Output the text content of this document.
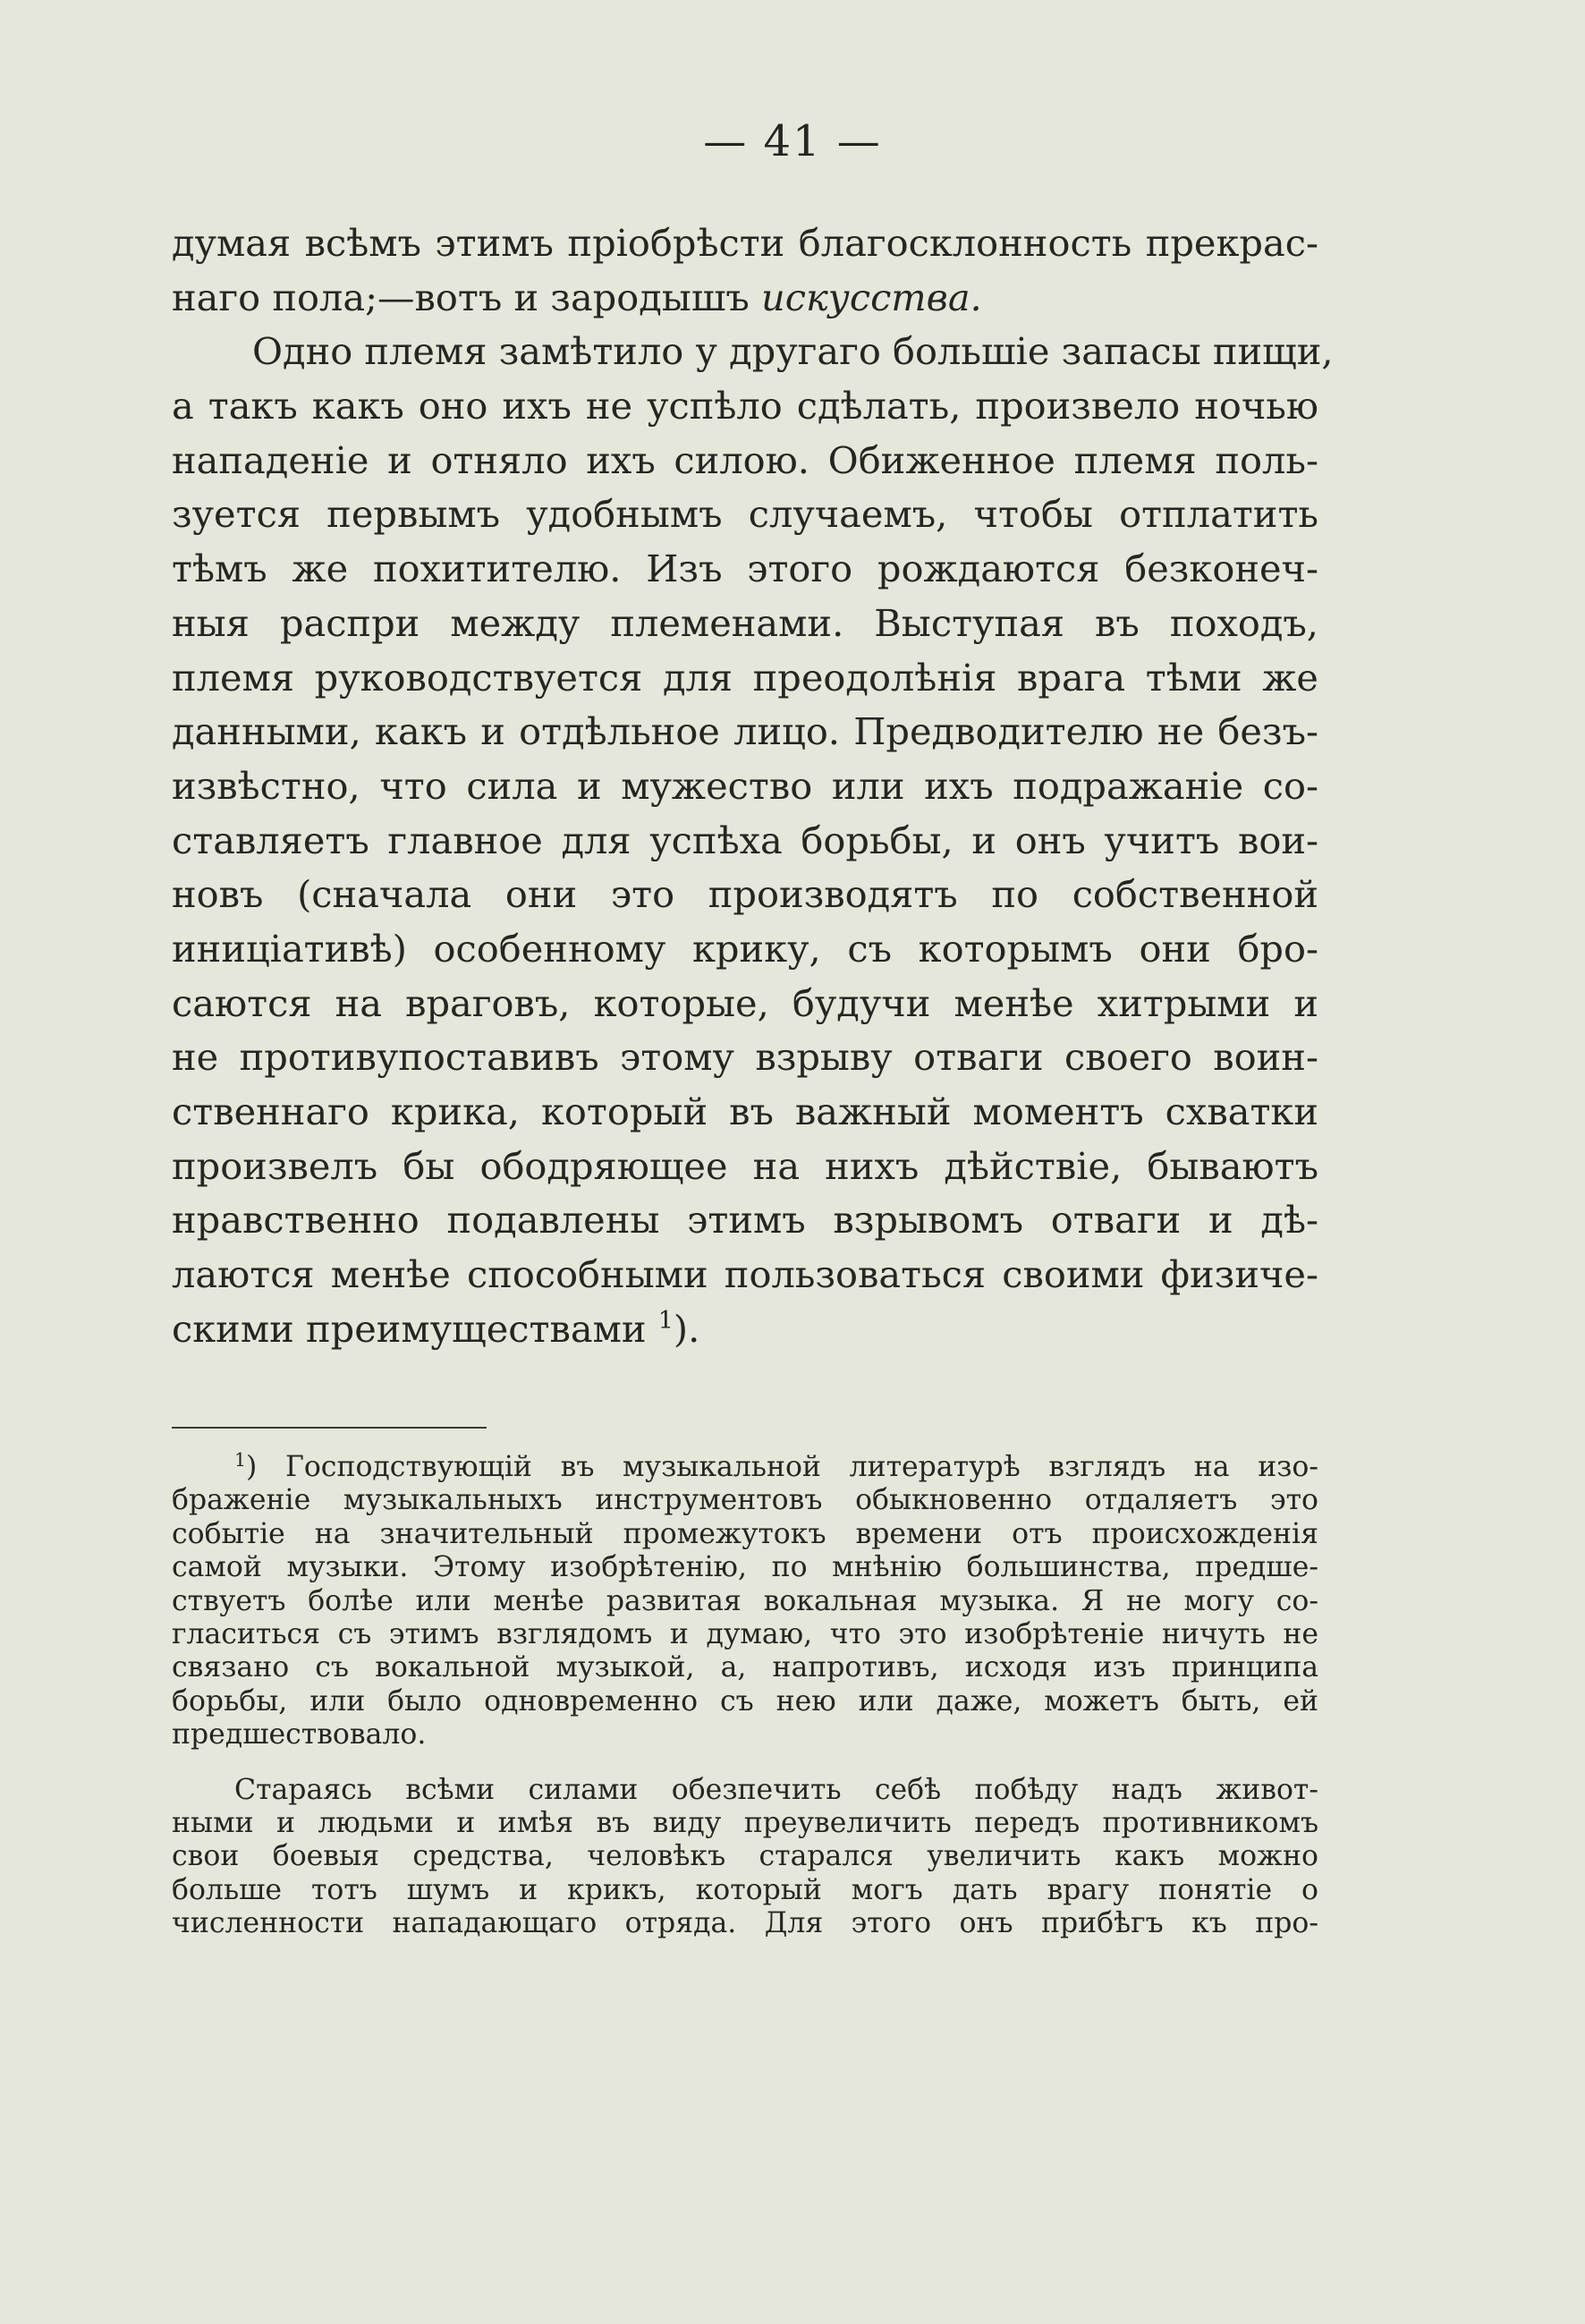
— 41 —
думая всѣмъ этимъ пріобрѣсти благосклонность прекрас-
наго пола;—вотъ и зародышъ искусства.
Одно племя замѣтило у другаго большіе запасы пищи,
а такъ какъ оно ихъ не успѣло сдѣлать, произвело ночью
нападеніе и отняло ихъ силою. Обиженное племя поль-
зуется первымъ удобнымъ случаемъ, чтобы отплатить
тѣмъ же похитителю. Изъ этого рождаются безконеч-
ныя распри между племенами. Выступая въ походъ,
племя руководствуется для преодолѣнія врага тѣми же
данными, какъ и отдѣльное лицо. Предводителю не безъ-
извѣстно, что сила и мужество или ихъ подражаніе со-
ставляетъ главное для успѣха борьбы, и онъ учитъ вои-
новъ (сначала они это производятъ по собственной
иниціативѣ) особенному крику, съ которымъ они бро-
саются на враговъ, которые, будучи менѣе хитрыми и
не противупоставивъ этому взрыву отваги своего воин-
ственнаго крика, который въ важный моментъ схватки
произвелъ бы ободряющее на нихъ дѣйствіе, бываютъ
нравственно подавлены этимъ взрывомъ отваги и дѣ-
лаются менѣе способными пользоваться своими физиче-
скими преимуществами $^1$).
$^1$) Господствующій въ музыкальной литературѣ взглядъ на изо-
браженіе музыкальныхъ инструментовъ обыкновенно отдаляетъ это
событіе на значительный промежутокъ времени отъ происхожденія
самой музыки. Этому изобрѣтенію, по мнѣнію большинства, предше-
ствуетъ болѣе или менѣе развитая вокальная музыка. Я не могу со-
гласиться съ этимъ взглядомъ и думаю, что это изобрѣтеніе ничуть не
связано съ вокальной музыкой, а, напротивъ, исходя изъ принципа
борьбы, или было одновременно съ нею или даже, можетъ быть, ей
предшествовало.
Стараясь всѣми силами обезпечить себѣ побѣду надъ живот-
ными и людьми и имѣя въ виду преувеличить передъ противникомъ
свои боевыя средства, человѣкъ старался увеличить какъ можно
больше тотъ шумъ и крикъ, который могъ дать врагу понятіе о
численности нападающаго отряда. Для этого онъ прибѣгъ къ про-
